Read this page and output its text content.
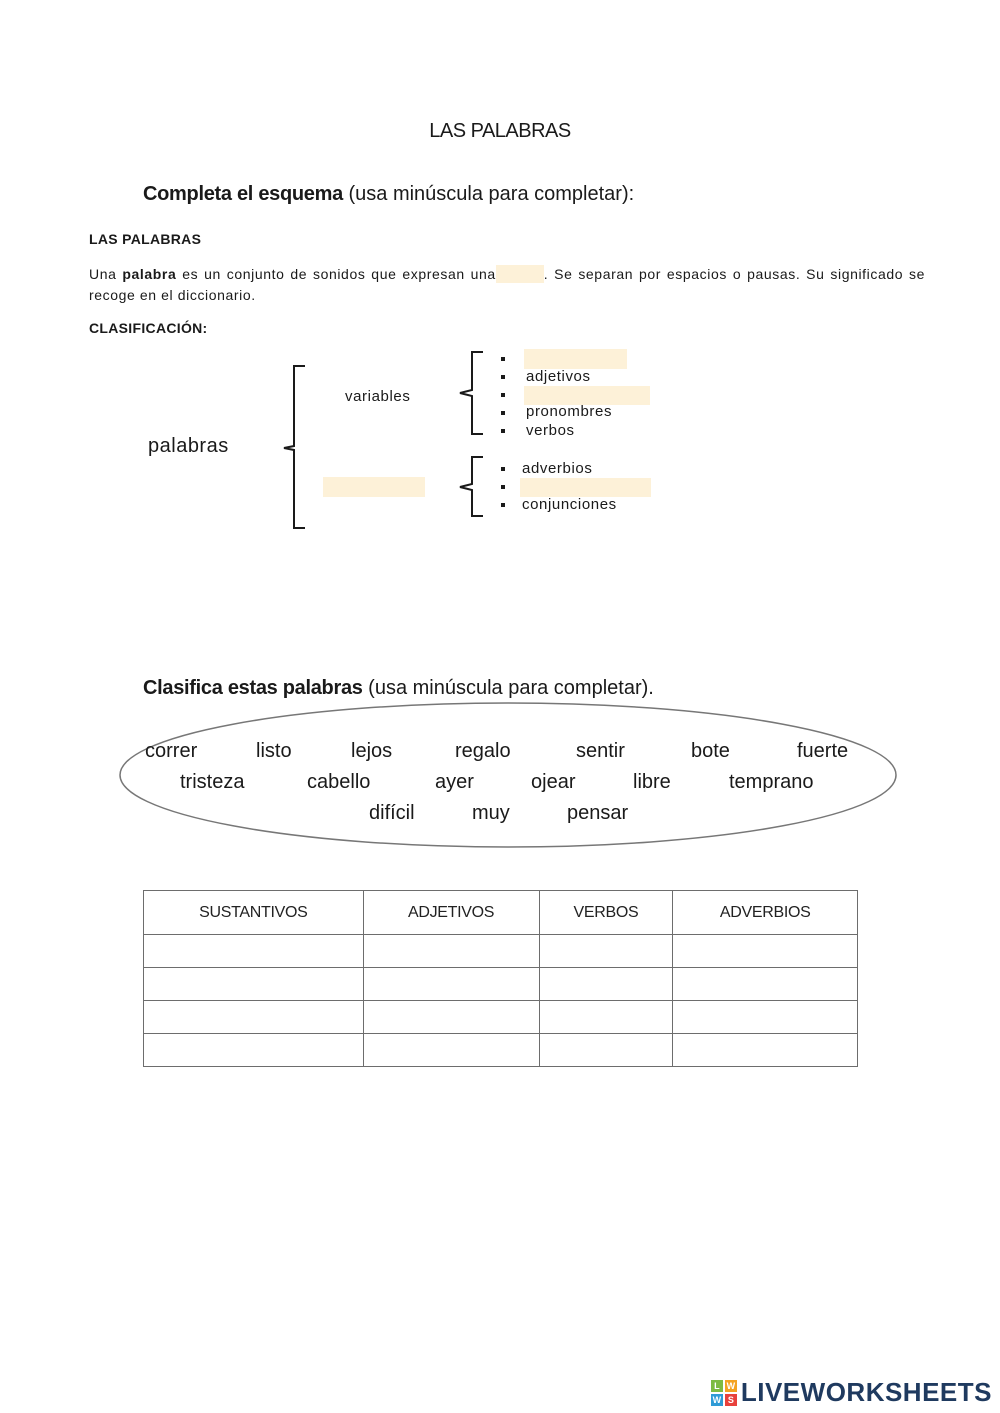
LAS PALABRAS
Completa el esquema (usa minúscula para completar):
LAS PALABRAS
Una palabra es un conjunto de sonidos que expresan una	. Se separan por espacios o pausas. Su significado se recoge en el diccionario.
CLASIFICACIÓN:
palabras
variables
adjetivos
pronombres
verbos
adverbios
conjunciones
Clasifica estas palabras (usa minúscula para completar).
correr	listo	lejos	regalo	sentir	bote	fuerte
tristeza	cabello	ayer	ojear	libre	temprano
difícil	muy	pensar
SUSTANTIVOS	ADJETIVOS	VERBOS	ADVERBIOS

L W
W S LIVEWORKSHEETS
